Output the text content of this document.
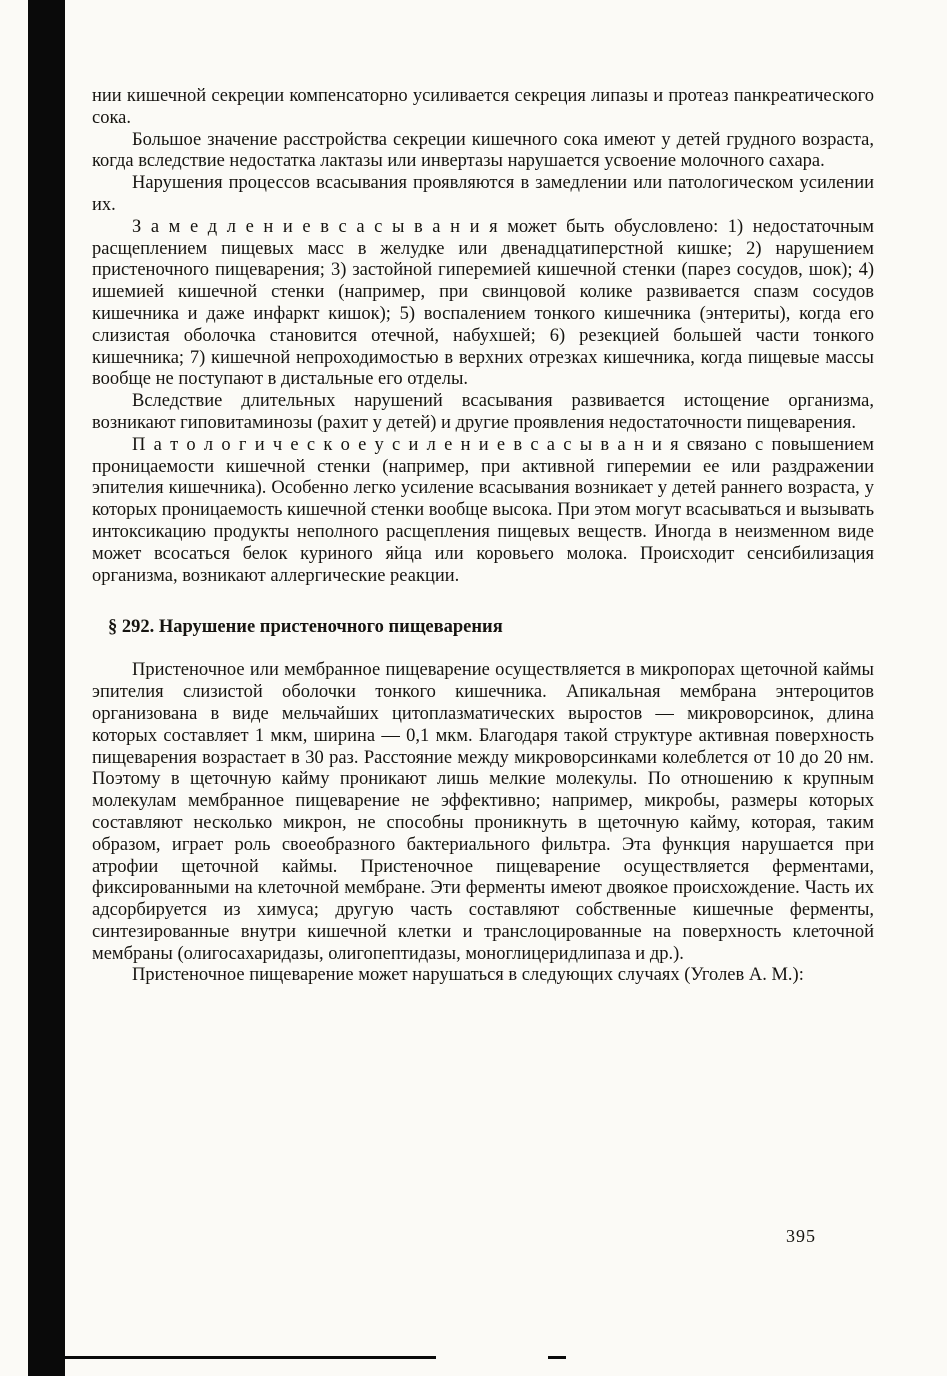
нии кишечной секреции компенсаторно усиливается секреция липазы и протеаз панкреатического сока.

Большое значение расстройства секреции кишечного сока имеют у детей грудного возраста, когда вследствие недостатка лактазы или инвертазы нарушается усвоение молочного сахара.

Нарушения процессов всасывания проявляются в замедлении или патологическом усилении их.

З а м е д л е н и е в с а с ы в а н и я может быть обусловлено: 1) недостаточным расщеплением пищевых масс в желудке или двенадцатиперстной кишке; 2) нарушением пристеночного пищеварения; 3) застойной гиперемией кишечной стенки (парез сосудов, шок); 4) ишемией кишечной стенки (например, при свинцовой колике развивается спазм сосудов кишечника и даже инфаркт кишок); 5) воспалением тонкого кишечника (энтериты), когда его слизистая оболочка становится отечной, набухшей; 6) резекцией большей части тонкого кишечника; 7) кишечной непроходимостью в верхних отрезках кишечника, когда пищевые массы вообще не поступают в дистальные его отделы.

Вследствие длительных нарушений всасывания развивается истощение организма, возникают гиповитаминозы (рахит у детей) и другие проявления недостаточности пищеварения.

П а т о л о г и ч е с к о е у с и л е н и е в с а с ы в а н и я связано с повышением проницаемости кишечной стенки (например, при активной гиперемии ее или раздражении эпителия кишечника). Особенно легко усиление всасывания возникает у детей раннего возраста, у которых проницаемость кишечной стенки вообще высока. При этом могут всасываться и вызывать интоксикацию продукты неполного расщепления пищевых веществ. Иногда в неизменном виде может всосаться белок куриного яйца или коровьего молока. Происходит сенсибилизация организма, возникают аллергические реакции.

§ 292. Нарушение пристеночного пищеварения

Пристеночное или мембранное пищеварение осуществляется в микропорах щеточной каймы эпителия слизистой оболочки тонкого кишечника. Апикальная мембрана энтероцитов организована в виде мельчайших цитоплазматических выростов — микроворсинок, длина которых составляет 1 мкм, ширина — 0,1 мкм. Благодаря такой структуре активная поверхность пищеварения возрастает в 30 раз. Расстояние между микроворсинками колеблется от 10 до 20 нм. Поэтому в щеточную кайму проникают лишь мелкие молекулы. По отношению к крупным молекулам мембранное пищеварение не эффективно; например, микробы, размеры которых составляют несколько микрон, не способны проникнуть в щеточную кайму, которая, таким образом, играет роль своеобразного бактериального фильтра. Эта функция нарушается при атрофии щеточной каймы. Пристеночное пищеварение осуществляется ферментами, фиксированными на клеточной мембране. Эти ферменты имеют двоякое происхождение. Часть их адсорбируется из химуса; другую часть составляют собственные кишечные ферменты, синтезированные внутри кишечной клетки и транслоцированные на поверхность клеточной мембраны (олигосахаридазы, олигопептидазы, моноглицеридлипаза и др.).

Пристеночное пищеварение может нарушаться в следующих случаях (Уголев А. М.):

395
